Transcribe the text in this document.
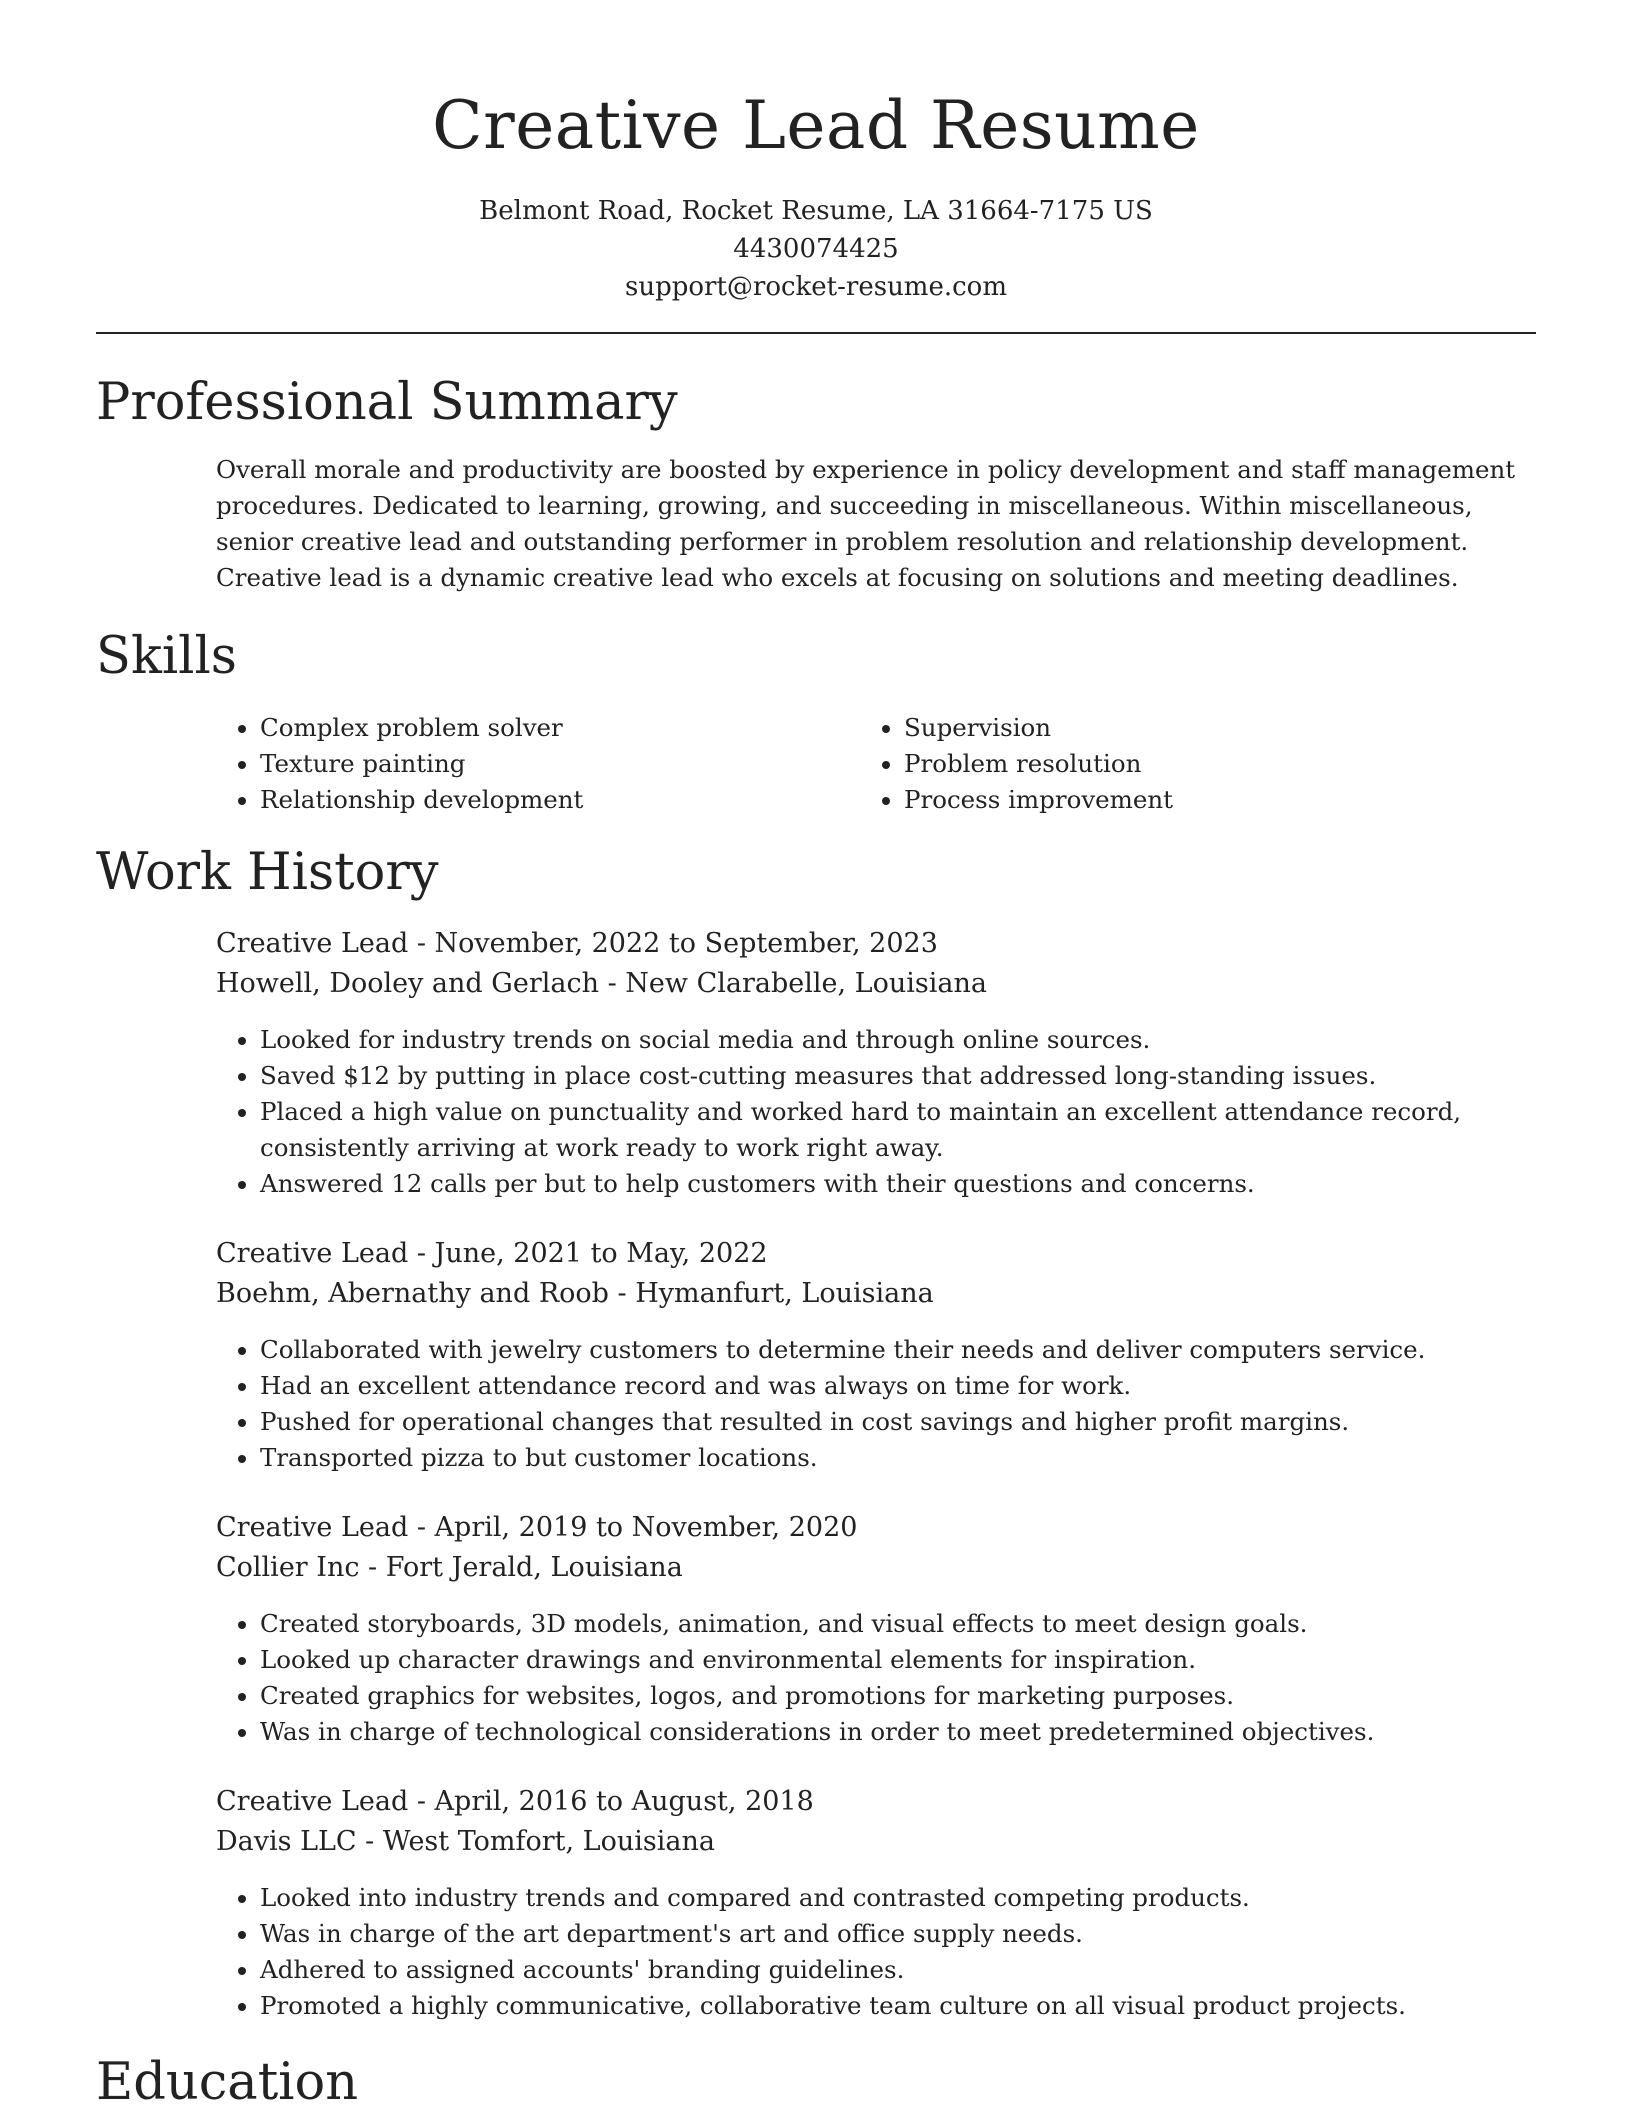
Creative Lead Resume
Belmont Road, Rocket Resume, LA 31664-7175 US
4430074425
support@rocket-resume.com
Professional Summary

Overall morale and productivity are boosted by experience in policy development and staff management procedures. Dedicated to learning, growing, and succeeding in miscellaneous. Within miscellaneous, senior creative lead and outstanding performer in problem resolution and relationship development. Creative lead is a dynamic creative lead who excels at focusing on solutions and meeting deadlines.

Skills
• Complex problem solver
• Texture painting
• Relationship development
• Supervision
• Problem resolution
• Process improvement
Work History

Creative Lead - November, 2022 to September, 2023

Howell, Dooley and Gerlach - New Clarabelle, Louisiana

• Looked for industry trends on social media and through online sources.
• Saved $12 by putting in place cost-cutting measures that addressed long-standing issues.
• Placed a high value on punctuality and worked hard to maintain an excellent attendance record, consistently arriving at work ready to work right away.
• Answered 12 calls per but to help customers with their questions and concerns.

Creative Lead - June, 2021 to May, 2022

Boehm, Abernathy and Roob - Hymanfurt, Louisiana

• Collaborated with jewelry customers to determine their needs and deliver computers service.
• Had an excellent attendance record and was always on time for work.
• Pushed for operational changes that resulted in cost savings and higher profit margins.
• Transported pizza to but customer locations.

Creative Lead - April, 2019 to November, 2020

Collier Inc - Fort Jerald, Louisiana

• Created storyboards, 3D models, animation, and visual effects to meet design goals.
• Looked up character drawings and environmental elements for inspiration.
• Created graphics for websites, logos, and promotions for marketing purposes.
• Was in charge of technological considerations in order to meet predetermined objectives.

Creative Lead - April, 2016 to August, 2018

Davis LLC - West Tomfort, Louisiana

• Looked into industry trends and compared and contrasted competing products.
• Was in charge of the art department's art and office supply needs.
• Adhered to assigned accounts' branding guidelines.
• Promoted a highly communicative, collaborative team culture on all visual product projects.
Education
